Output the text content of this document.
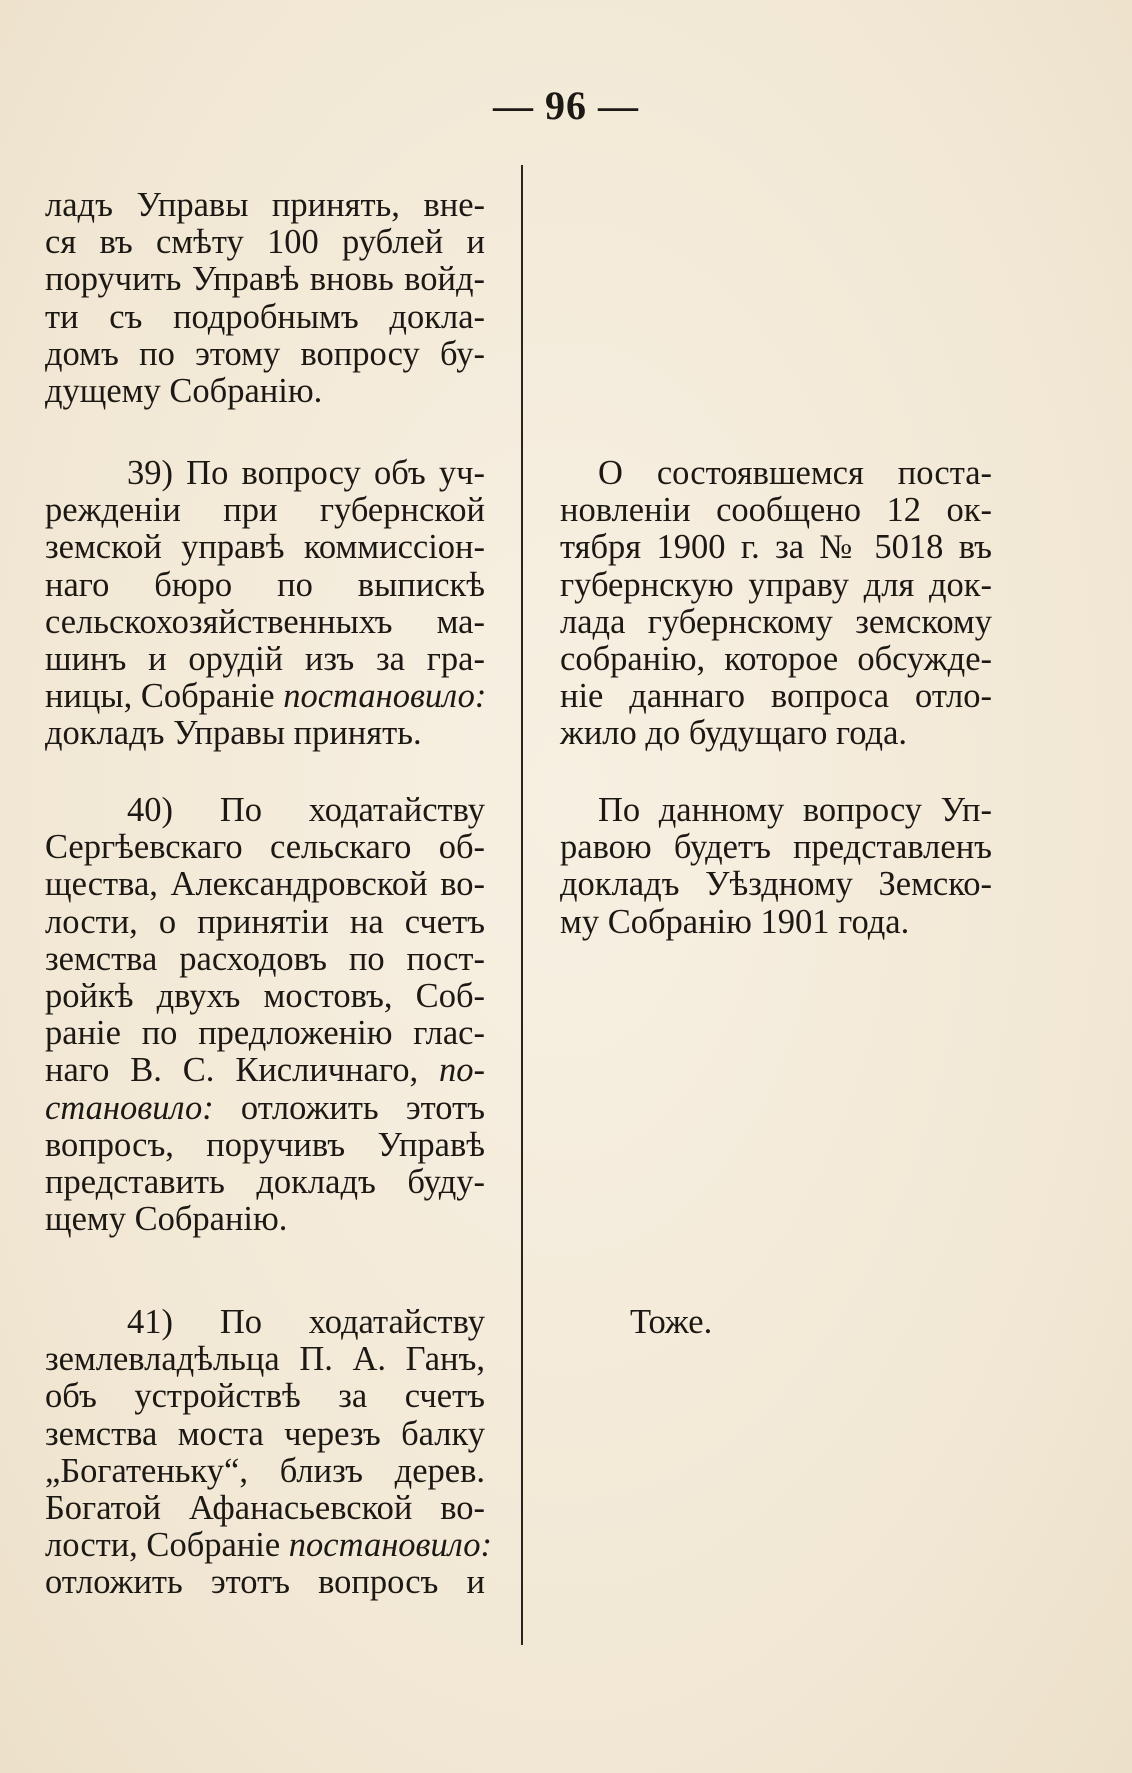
— 96 —
ладъ Управы принять, вне-
ся въ смѣту 100 рублей и
поручить Управѣ вновь войд-
ти съ подробнымъ докла-
домъ по этому вопросу бу-
дущему Собранію.
39) По вопросу объ уч-
режденіи при губернской
земской управѣ коммиссіон-
наго бюро по выпискѣ
сельскохозяйственныхъ ма-
шинъ и орудій изъ за гра-
ницы, Собраніе постановило:
докладъ Управы принять.
40) По ходатайству
Сергѣевскаго сельскаго об-
щества, Александровской во-
лости, о принятіи на счетъ
земства расходовъ по пост-
ройкѣ двухъ мостовъ, Соб-
раніе по предложенію глас-
наго В. С. Кисличнаго, по-
становило: отложить этотъ
вопросъ, поручивъ Управѣ
представить докладъ буду-
щему Собранію.
41) По ходатайству
землевладѣльца П. А. Ганъ,
объ устройствѣ за счетъ
земства моста черезъ балку
„Богатеньку“, близъ дерев.
Богатой Афанасьевской во-
лости, Собраніе постановило:
отложить этотъ вопросъ и
О состоявшемся поста-
новленіи сообщено 12 ок-
тября 1900 г. за № 5018 въ
губернскую управу для док-
лада губернскому земскому
собранію, которое обсужде-
ніе даннаго вопроса отло-
жило до будущаго года.
По данному вопросу Уп-
равою будетъ представленъ
докладъ Уѣздному Земско-
му Собранію 1901 года.
Тоже.
